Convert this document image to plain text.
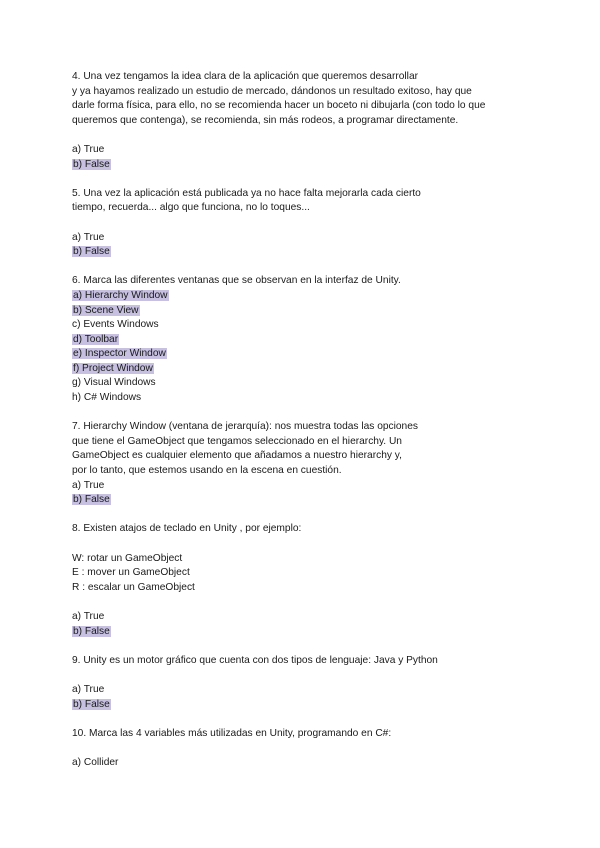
4. Una vez tengamos la idea clara de la aplicación que queremos desarrollar
y ya hayamos realizado un estudio de mercado, dándonos un resultado exitoso, hay que
darle forma física, para ello, no se recomienda hacer un boceto ni dibujarla (con todo lo que
queremos que contenga), se recomienda, sin más rodeos, a programar directamente.
a) True
b) False
5. Una vez la aplicación está publicada ya no hace falta mejorarla cada cierto
tiempo, recuerda... algo que funciona, no lo toques...
a) True
b) False
6. Marca las diferentes ventanas que se observan en la interfaz de Unity.
a) Hierarchy Window
b) Scene View
c) Events Windows
d) Toolbar
e) Inspector Window
f) Project Window
g) Visual Windows
h) C# Windows
7. Hierarchy Window (ventana de jerarquía): nos muestra todas las opciones
que tiene el GameObject que tengamos seleccionado en el hierarchy. Un
GameObject es cualquier elemento que añadamos a nuestro hierarchy y,
por lo tanto, que estemos usando en la escena en cuestión.
a) True
b) False
8. Existen atajos de teclado en Unity , por ejemplo:
W: rotar un GameObject
E : mover un GameObject
R : escalar un GameObject
a) True
b) False
9. Unity es un motor gráfico que cuenta con dos tipos de lenguaje: Java y Python
a) True
b) False
10. Marca las 4 variables más utilizadas en Unity, programando en C#:
a) Collider
